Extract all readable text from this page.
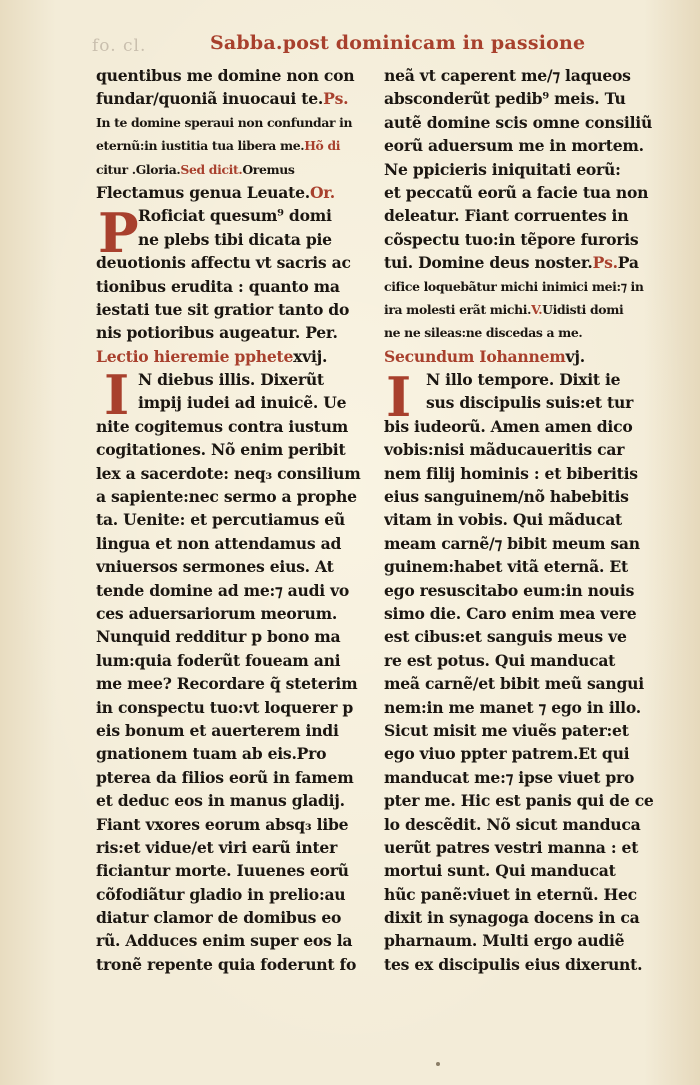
fo. cl.	Sabba.post dominicam in passione
P
I
quentibus me domine non con
fundar/quoniã inuocaui te.Ps.
In te domine speraui non confundar in
eternũ:in iustitia tua libera me.Hõ di
citur .Gloria.Sed dicit.Oremus
Flectamus genua Leuate.Or.
Roficiat quesum⁹ domi
ne plebs tibi dicata pie
deuotionis affectu vt sacris ac
tionibus erudita : quanto ma
iestati tue sit gratior tanto do
nis potioribus augeatur. Per.
Lectio hieremie pphetexvij.
N diebus illis. Dixerũt
impij iudei ad inuicẽ. Ue
nite cogitemus contra iustum
cogitationes. Nõ enim peribit
lex a sacerdote: neq₃ consilium
a sapiente:nec sermo a prophe
ta. Uenite: et percutiamus eũ
lingua et non attendamus ad
vniuersos sermones eius. At
tende domine ad me:⁊ audi vo
ces aduersariorum meorum.
Nunquid redditur p bono ma
lum:quia foderũt foueam ani
me mee? Recordare q̃ steterim
in conspectu tuo:vt loquerer p
eis bonum et auerterem indi
gnationem tuam ab eis.Pro
pterea da filios eorũ in famem
et deduc eos in manus gladij.
Fiant vxores eorum absq₃ libe
ris:et vidue/et viri earũ inter
ficiantur morte. Iuuenes eorũ
cõfodiãtur gladio in prelio:au
diatur clamor de domibus eo
rũ. Adduces enim super eos la
tronẽ repente quia foderunt fo
I
neã vt caperent me/⁊ laqueos
absconderũt pedib⁹ meis. Tu
autẽ domine scis omne consiliũ
eorũ aduersum me in mortem.
Ne ppicieris iniquitati eorũ:
et peccatũ eorũ a facie tua non
deleatur. Fiant corruentes in
cõspectu tuo:in tẽpore furoris
tui. Domine deus noster.Ps.Pa
cifice loquebãtur michi inimici mei:⁊ in
ira molesti erãt michi.V.Uidisti domi
ne ne sileas:ne discedas a me.
Secundum Iohannemvj.
N illo tempore. Dixit ie
sus discipulis suis:et tur
bis iudeorũ. Amen amen dico
vobis:nisi mãducaueritis car
nem filij hominis : et biberitis
eius sanguinem/nõ habebitis
vitam in vobis. Qui mãducat
meam carnẽ/⁊ bibit meum san
guinem:habet vitã eternã. Et
ego resuscitabo eum:in nouis
simo die. Caro enim mea vere
est cibus:et sanguis meus ve
re est potus. Qui manducat
meã carnẽ/et bibit meũ sangui
nem:in me manet ⁊ ego in illo.
Sicut misit me viuẽs pater:et
ego viuo ppter patrem.Et qui
manducat me:⁊ ipse viuet pro
pter me. Hic est panis qui de ce
lo descẽdit. Nõ sicut manduca
uerũt patres vestri manna : et
mortui sunt. Qui manducat
hũc panẽ:viuet in eternũ. Hec
dixit in synagoga docens in ca
pharnaum. Multi ergo audiẽ
tes ex discipulis eius dixerunt.
